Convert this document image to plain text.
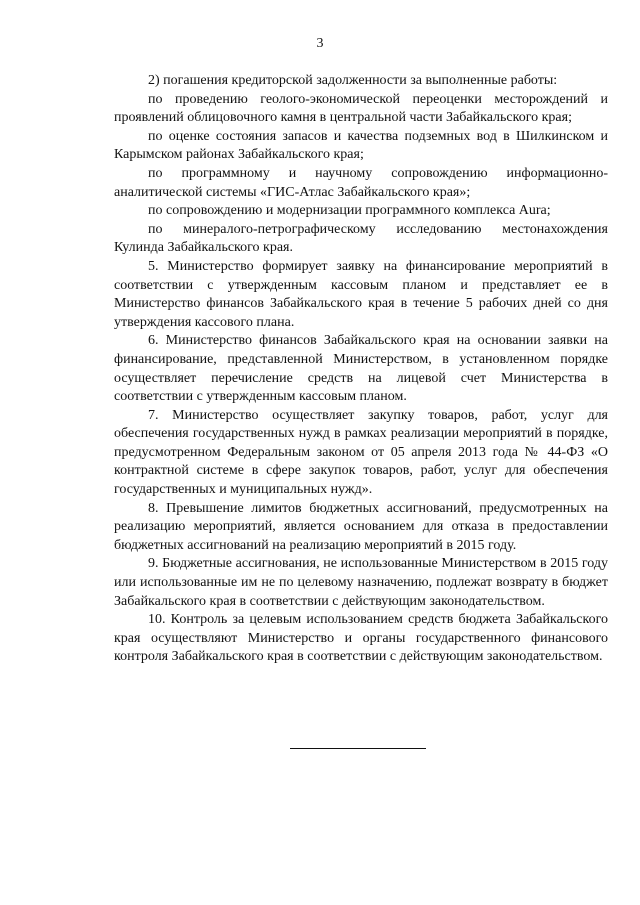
3

2) погашения кредиторской задолженности за выполненные работы:

по проведению геолого-экономической переоценки месторождений и проявлений облицовочного камня в центральной части Забайкальского края;

по оценке состояния запасов и качества подземных вод в Шилкинском и Карымском районах Забайкальского края;

по программному и научному сопровождению информационно-аналитической системы «ГИС-Атлас Забайкальского края»;

по сопровождению и модернизации программного комплекса Aura;

по минералого-петрографическому исследованию местонахождения Кулинда Забайкальского края.

5. Министерство формирует заявку на финансирование мероприятий в соответствии с утвержденным кассовым планом и представляет ее в Министерство финансов Забайкальского края в течение 5 рабочих дней со дня утверждения кассового плана.

6. Министерство финансов Забайкальского края на основании заявки на финансирование, представленной Министерством, в установленном порядке осуществляет перечисление средств на лицевой счет Министерства в соответствии с утвержденным кассовым планом.

7. Министерство осуществляет закупку товаров, работ, услуг для обеспечения государственных нужд в рамках реализации мероприятий в порядке, предусмотренном Федеральным законом от 05 апреля 2013 года № 44-ФЗ «О контрактной системе в сфере закупок товаров, работ, услуг для обеспечения государственных и муниципальных нужд».

8. Превышение лимитов бюджетных ассигнований, предусмотренных на реализацию мероприятий, является основанием для отказа в предоставлении бюджетных ассигнований на реализацию мероприятий в 2015 году.

9. Бюджетные ассигнования, не использованные Министерством в 2015 году или использованные им не по целевому назначению, подлежат возврату в бюджет Забайкальского края в соответствии с действующим законодательством.

10. Контроль за целевым использованием средств бюджета Забайкальского края осуществляют Министерство и органы государственного финансового контроля Забайкальского края в соответствии с действующим законодательством.
